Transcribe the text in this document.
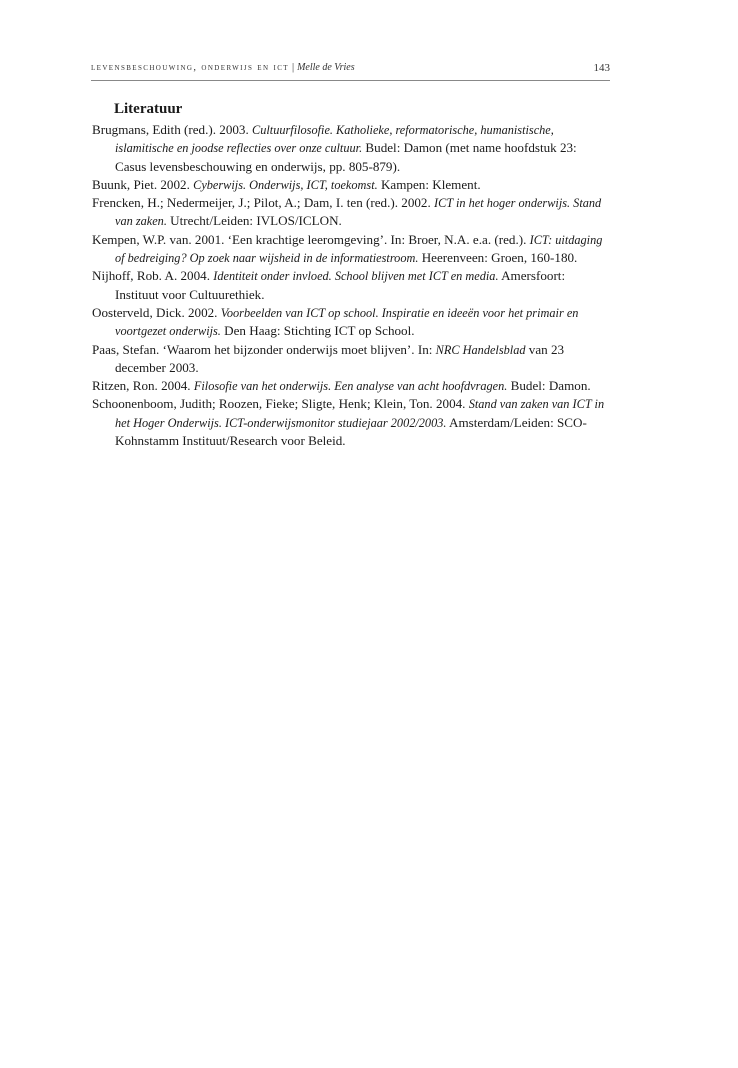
levensbeschouwing, onderwijs en ict | Melle de Vries	143
Literatuur
Brugmans, Edith (red.). 2003. Cultuurfilosofie. Katholieke, reformatorische, humanistische, islamitische en joodse reflecties over onze cultuur. Budel: Damon (met name hoofdstuk 23: Casus levensbeschouwing en onderwijs, pp. 805-879).
Buunk, Piet. 2002. Cyberwijs. Onderwijs, ICT, toekomst. Kampen: Klement.
Frencken, H.; Nedermeijer, J.; Pilot, A.; Dam, I. ten (red.). 2002. ICT in het hoger onderwijs. Stand van zaken. Utrecht/Leiden: IVLOS/ICLON.
Kempen, W.P. van. 2001. ‘Een krachtige leeromgeving’. In: Broer, N.A. e.a. (red.). ICT: uitdaging of bedreiging? Op zoek naar wijsheid in de informatiestroom. Heerenveen: Groen, 160-180.
Nijhoff, Rob. A. 2004. Identiteit onder invloed. School blijven met ICT en media. Amersfoort: Instituut voor Cultuurethiek.
Oosterveld, Dick. 2002. Voorbeelden van ICT op school. Inspiratie en ideeën voor het primair en voortgezet onderwijs. Den Haag: Stichting ICT op School.
Paas, Stefan. ‘Waarom het bijzonder onderwijs moet blijven’. In: NRC Handelsblad van 23 december 2003.
Ritzen, Ron. 2004. Filosofie van het onderwijs. Een analyse van acht hoofdvragen. Budel: Damon.
Schoonenboom, Judith; Roozen, Fieke; Sligte, Henk; Klein, Ton. 2004. Stand van zaken van ICT in het Hoger Onderwijs. ICT-onderwijsmonitor studiejaar 2002/2003. Amsterdam/Leiden: SCO-Kohnstamm Instituut/Research voor Beleid.
